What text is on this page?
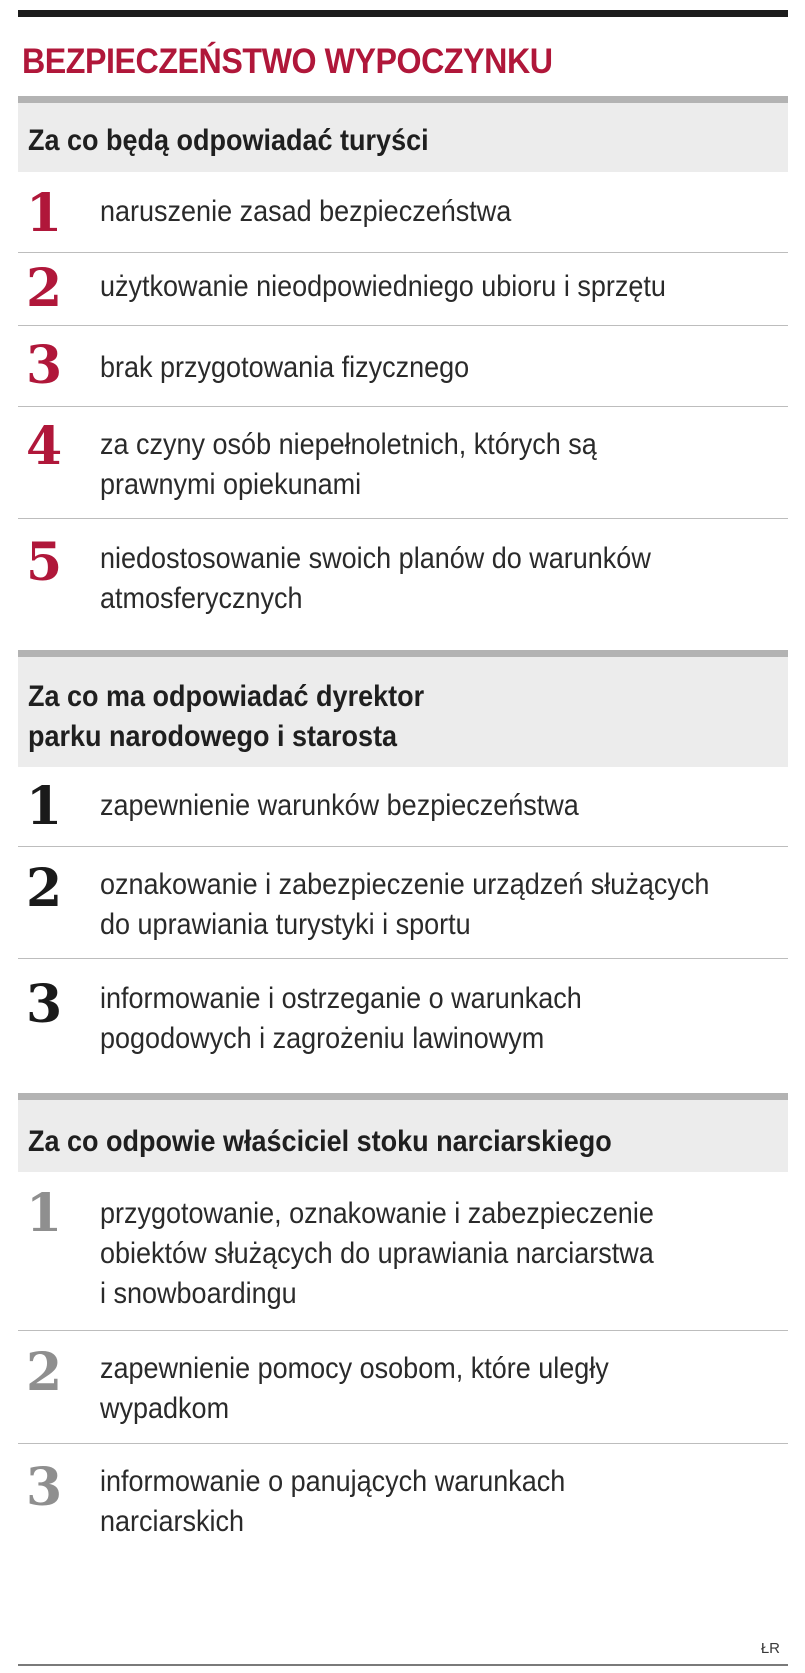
BEZPIECZEŃSTWO WYPOCZYNKU
Za co będą odpowiadać turyści
1 naruszenie zasad bezpieczeństwa
2 użytkowanie nieodpowiedniego ubioru i sprzętu
3 brak przygotowania fizycznego
4 za czyny osób niepełnoletnich, których są
prawnymi opiekunami
5 niedostosowanie swoich planów do warunków
atmosferycznych
Za co ma odpowiadać dyrektor
parku narodowego i starosta
1 zapewnienie warunków bezpieczeństwa
2 oznakowanie i zabezpieczenie urządzeń służących
do uprawiania turystyki i sportu
3 informowanie i ostrzeganie o warunkach
pogodowych i zagrożeniu lawinowym
Za co odpowie właściciel stoku narciarskiego
1 przygotowanie, oznakowanie i zabezpieczenie
obiektów służących do uprawiania narciarstwa
i snowboardingu
2 zapewnienie pomocy osobom, które uległy
wypadkom
3 informowanie o panujących warunkach
narciarskich
ŁR
